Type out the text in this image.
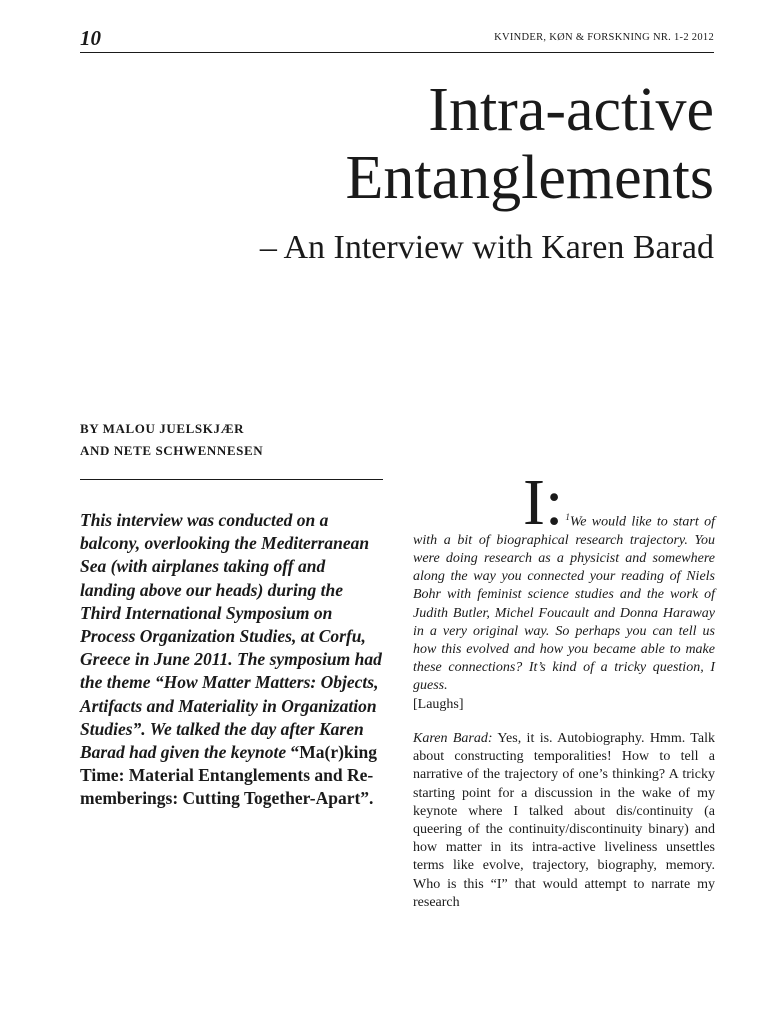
10	KVINDER, KØN & FORSKNING NR. 1-2 2012
Intra-active
Entanglements
– An Interview with Karen Barad
BY MALOU JUELSKJÆR
AND NETE SCHWENNESEN

This interview was conducted on a balcony, overlooking the Mediterranean Sea (with airplanes taking off and landing above our heads) during the Third International Symposium on Process Organization Studies, at Corfu, Greece in June 2011. The symposium had the theme “How Matter Matters: Objects, Artifacts and Materiality in Organization Studies”. We talked the day after Karen Barad had given the keynote “Ma(r)king Time: Material Entanglements and Re-memberings: Cutting Together-Apart”.

I: $^1$We would like to start of with a bit of biographical research trajectory. You were doing research as a physicist and somewhere along the way you connected your reading of Niels Bohr with feminist science studies and the work of Judith Butler, Michel Foucault and Donna Haraway in a very original way. So perhaps you can tell us how this evolved and how you became able to make these connections? It’s kind of a tricky question, I guess.

[Laughs]

Karen Barad: Yes, it is. Autobiography. Hmm. Talk about constructing temporalities! How to tell a narrative of the trajectory of one’s thinking? A tricky starting point for a discussion in the wake of my keynote where I talked about dis/continuity (a queering of the continuity/discontinuity binary) and how matter in its intra-active liveliness unsettles terms like evolve, trajectory, biography, memory. Who is this “I” that would attempt to narrate my research
